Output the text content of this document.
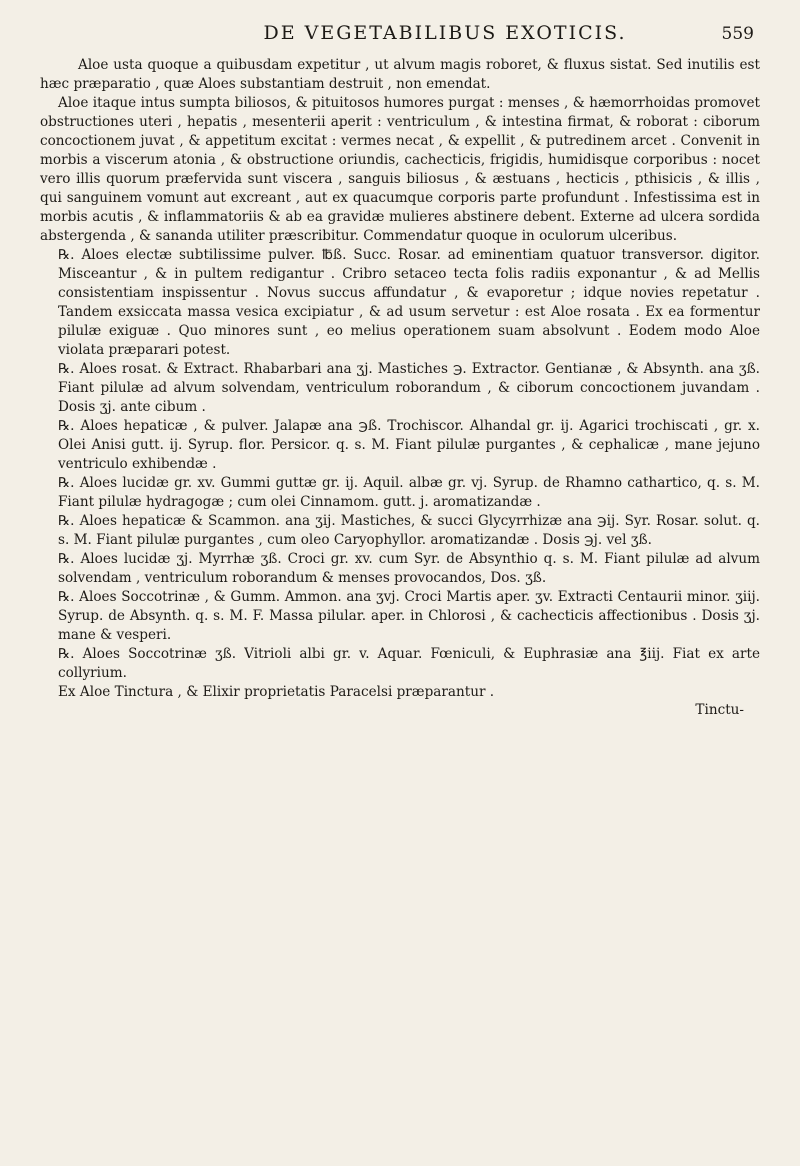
DE VEGETABILIBUS EXOTICIS.	559

Aloe usta quoque a quibusdam expetitur , ut alvum magis roboret, & fluxus sistat. Sed inutilis est hæc præparatio , quæ Aloes substantiam destruit , non emendat.

Aloe itaque intus sumpta biliosos, & pituitosos humores purgat : menses , & hæmorrhoidas promovet obstructiones uteri , hepatis , mesenterii aperit : ventriculum , & intestina firmat, & roborat : ciborum concoctionem juvat , & appetitum excitat : vermes necat , & expellit , & putredinem arcet . Convenit in morbis a viscerum atonia , & obstructione oriundis, cachecticis, frigidis, humidisque corporibus : nocet vero illis quorum præfervida sunt viscera , sanguis biliosus , & æstuans , hecticis , pthisicis , & illis , qui sanguinem vomunt aut excreant , aut ex quacumque corporis parte profundunt . Infestissima est in morbis acutis , & inflammatoriis & ab ea gravidæ mulieres abstinere debent. Externe ad ulcera sordida abstergenda , & sananda utiliter præscribitur. Commendatur quoque in oculorum ulceribus.

℞. Aloes electæ subtilissime pulver. ℔ß. Succ. Rosar. ad eminentiam quatuor transversor. digitor. Misceantur , & in pultem redigantur . Cribro setaceo tecta folis radiis exponantur , & ad Mellis consistentiam inspissentur . Novus succus affundatur , & evaporetur ; idque novies repetatur . Tandem exsiccata massa vesica excipiatur , & ad usum servetur : est Aloe rosata . Ex ea formentur pilulæ exiguæ . Quo minores sunt , eo melius operationem suam absolvunt . Eodem modo Aloe violata præparari potest.

℞. Aloes rosat. & Extract. Rhabarbari ana ʒj. Mastiches ℈. Extractor. Gentianæ , & Absynth. ana ʒß. Fiant pilulæ ad alvum solvendam, ventriculum roborandum , & ciborum concoctionem juvandam . Dosis ʒj. ante cibum .

℞. Aloes hepaticæ , & pulver. Jalapæ ana ℈ß. Trochiscor. Alhandal gr. ij. Agarici trochiscati , gr. x. Olei Anisi gutt. ij. Syrup. flor. Persicor. q. s. M. Fiant pilulæ purgantes , & cephalicæ , mane jejuno ventriculo exhibendæ .

℞. Aloes lucidæ gr. xv. Gummi guttæ gr. ij. Aquil. albæ gr. vj. Syrup. de Rhamno cathartico, q. s. M. Fiant pilulæ hydragogæ ; cum olei Cinnamom. gutt. j. aromatizandæ .

℞. Aloes hepaticæ & Scammon. ana ʒij. Mastiches, & succi Glycyrrhizæ ana ℈ij. Syr. Rosar. solut. q. s. M. Fiant pilulæ purgantes , cum oleo Caryophyllor. aromatizandæ . Dosis ℈j. vel ʒß.

℞. Aloes lucidæ ʒj. Myrrhæ ʒß. Croci gr. xv. cum Syr. de Absynthio q. s. M. Fiant pilulæ ad alvum solvendam , ventriculum roborandum & menses provocandos, Dos. ʒß.

℞. Aloes Soccotrinæ , & Gumm. Ammon. ana ʒvj. Croci Martis aper. ʒv. Extracti Centaurii minor. ʒiij. Syrup. de Absynth. q. s. M. F. Massa pilular. aper. in Chlorosi , & cachecticis affectionibus . Dosis ʒj. mane & vesperi.

℞. Aloes Soccotrinæ ʒß. Vitrioli albi gr. v. Aquar. Fœniculi, & Euphrasiæ ana ℥iij. Fiat ex arte collyrium.

Ex Aloe Tinctura , & Elixir proprietatis Paracelsi præparantur .

Tinctu-
